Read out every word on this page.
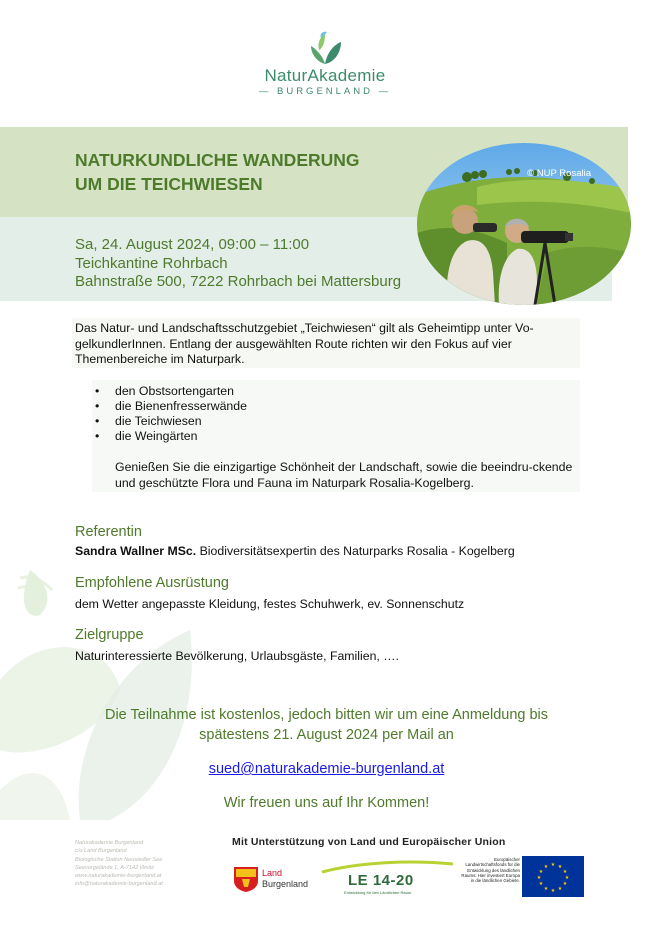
NaturAkademie
— BURGENLAND —
NATURKUNDLICHE WANDERUNG
UM DIE TEICHWIESEN
Sa, 24. August 2024, 09:00 – 11:00
Teichkantine Rohrbach
Bahnstraße 500, 7222 Rohrbach bei Mattersburg
© NUP Rosalia
Das Natur- und Landschaftsschutzgebiet „Teichwiesen“ gilt als Geheimtipp unter Vo-gelkundlerInnen. Entlang der ausgewählten Route richten wir den Fokus auf vier Themenbereiche im Naturpark.
• den Obstsortengarten
• die Bienenfresserwände
• die Teichwiesen
• die Weingärten
Genießen Sie die einzigartige Schönheit der Landschaft, sowie die beeindru-ckende und geschützte Flora und Fauna im Naturpark Rosalia-Kogelberg.
Referentin
Sandra Wallner MSc. Biodiversitätsexpertin des Naturparks Rosalia - Kogelberg
Empfohlene Ausrüstung
dem Wetter angepasste Kleidung, festes Schuhwerk, ev. Sonnenschutz
Zielgruppe
Naturinteressierte Bevölkerung, Urlaubsgäste, Familien, ….
Die Teilnahme ist kostenlos, jedoch bitten wir um eine Anmeldung bis
spätestens 21. August 2024 per Mail an
sued@naturakademie-burgenland.at
Wir freuen uns auf Ihr Kommen!
Naturakademie Burgenland
c/o Land Burgenland
Biologische Station Neusiedler See
Seevorgelände 1, A-7142 Illmitz
www.naturakademie-burgenland.at
info@naturakademie-burgenland.at
Mit Unterstützung von Land und Europäischer Union
Land
Burgenland	LE 14-20
Entwicklung für den Ländlichen Raum
Europäischer Landwirtschaftsfonds für die Entwicklung des ländlichen Raums: Hier investiert Europa in die ländlichen Gebiete.
★ ★
★
★
★
★
★
★
★
★
★
★
